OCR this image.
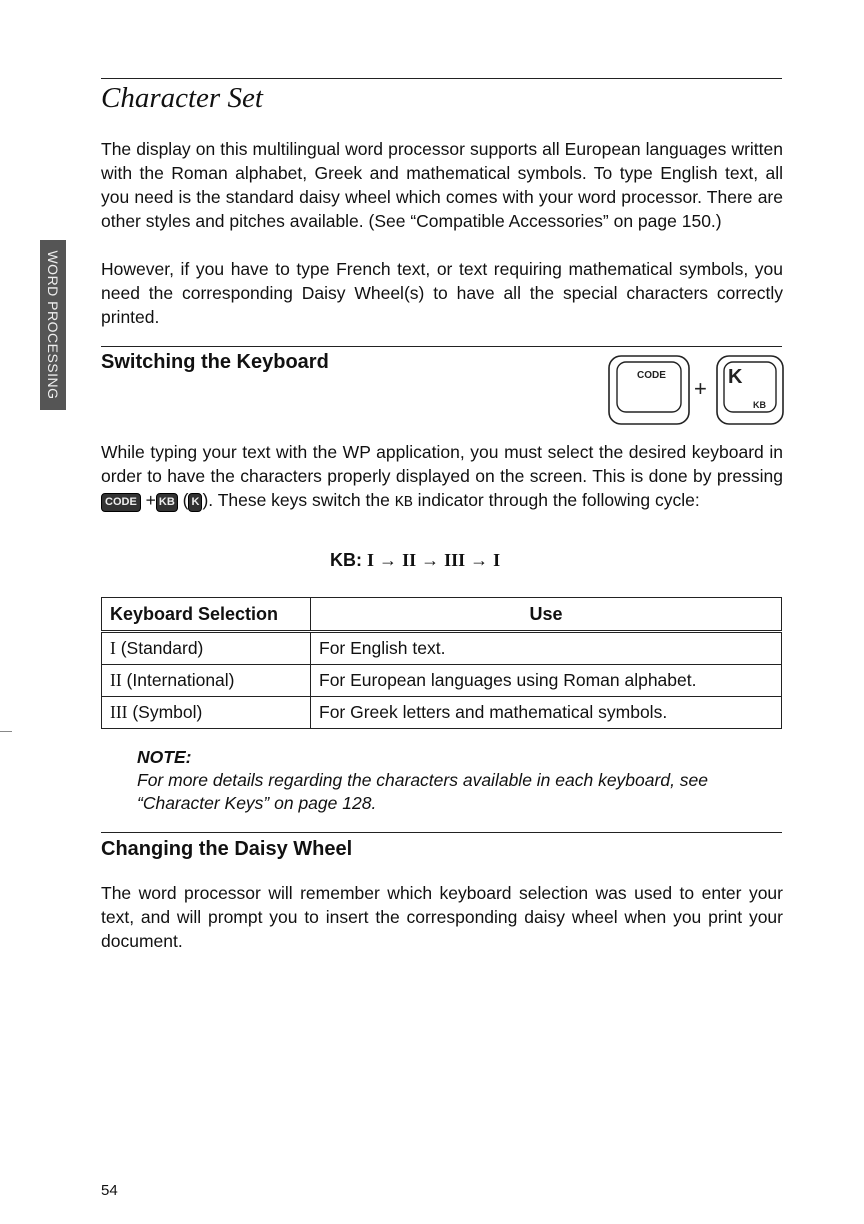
Character Set
WORD PROCESSING

The display on this multilingual word processor supports all European languages written with the Roman alphabet, Greek and mathematical symbols. To type English text, all you need is the standard daisy wheel which comes with your word processor. There are other styles and pitches available. (See “Compatible Accessories” on page 150.)

However, if you have to type French text, or text requiring mathematical symbols, you need the corresponding Daisy Wheel(s) to have all the special characters correctly printed.

Switching the Keyboard
CODE
+ K
KB

While typing your text with the WP application, you must select the desired keyboard in order to have the characters properly displayed on the screen. This is done by pressing CODE + KB ( K ). These keys switch the KB indicator through the following cycle:

KB: I → II → III → I

Keyboard Selection	Use
I (Standard)	For English text.
II (International)	For European languages using Roman alphabet.
III (Symbol)	For Greek letters and mathematical symbols.

NOTE:
For more details regarding the characters available in each keyboard, see “Character Keys” on page 128.

Changing the Daisy Wheel

The word processor will remember which keyboard selection was used to enter your text, and will prompt you to insert the corresponding daisy wheel when you print your document.

54
